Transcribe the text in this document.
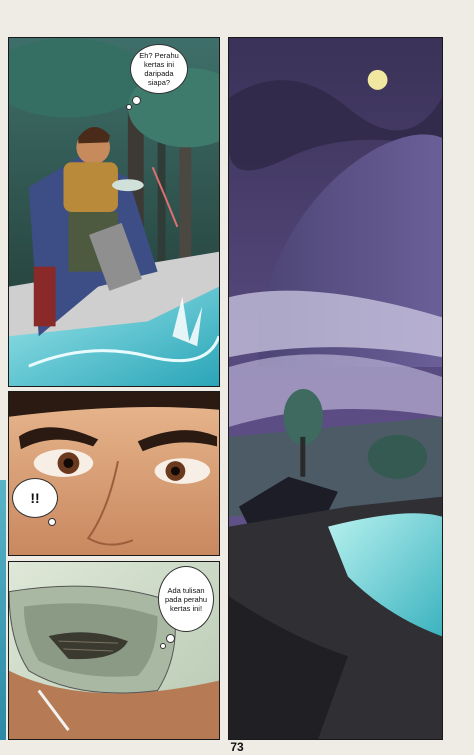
Eh? Perahu kertas ini daripada siapa?
!!
Ada tulisan pada perahu kertas ini!
73
